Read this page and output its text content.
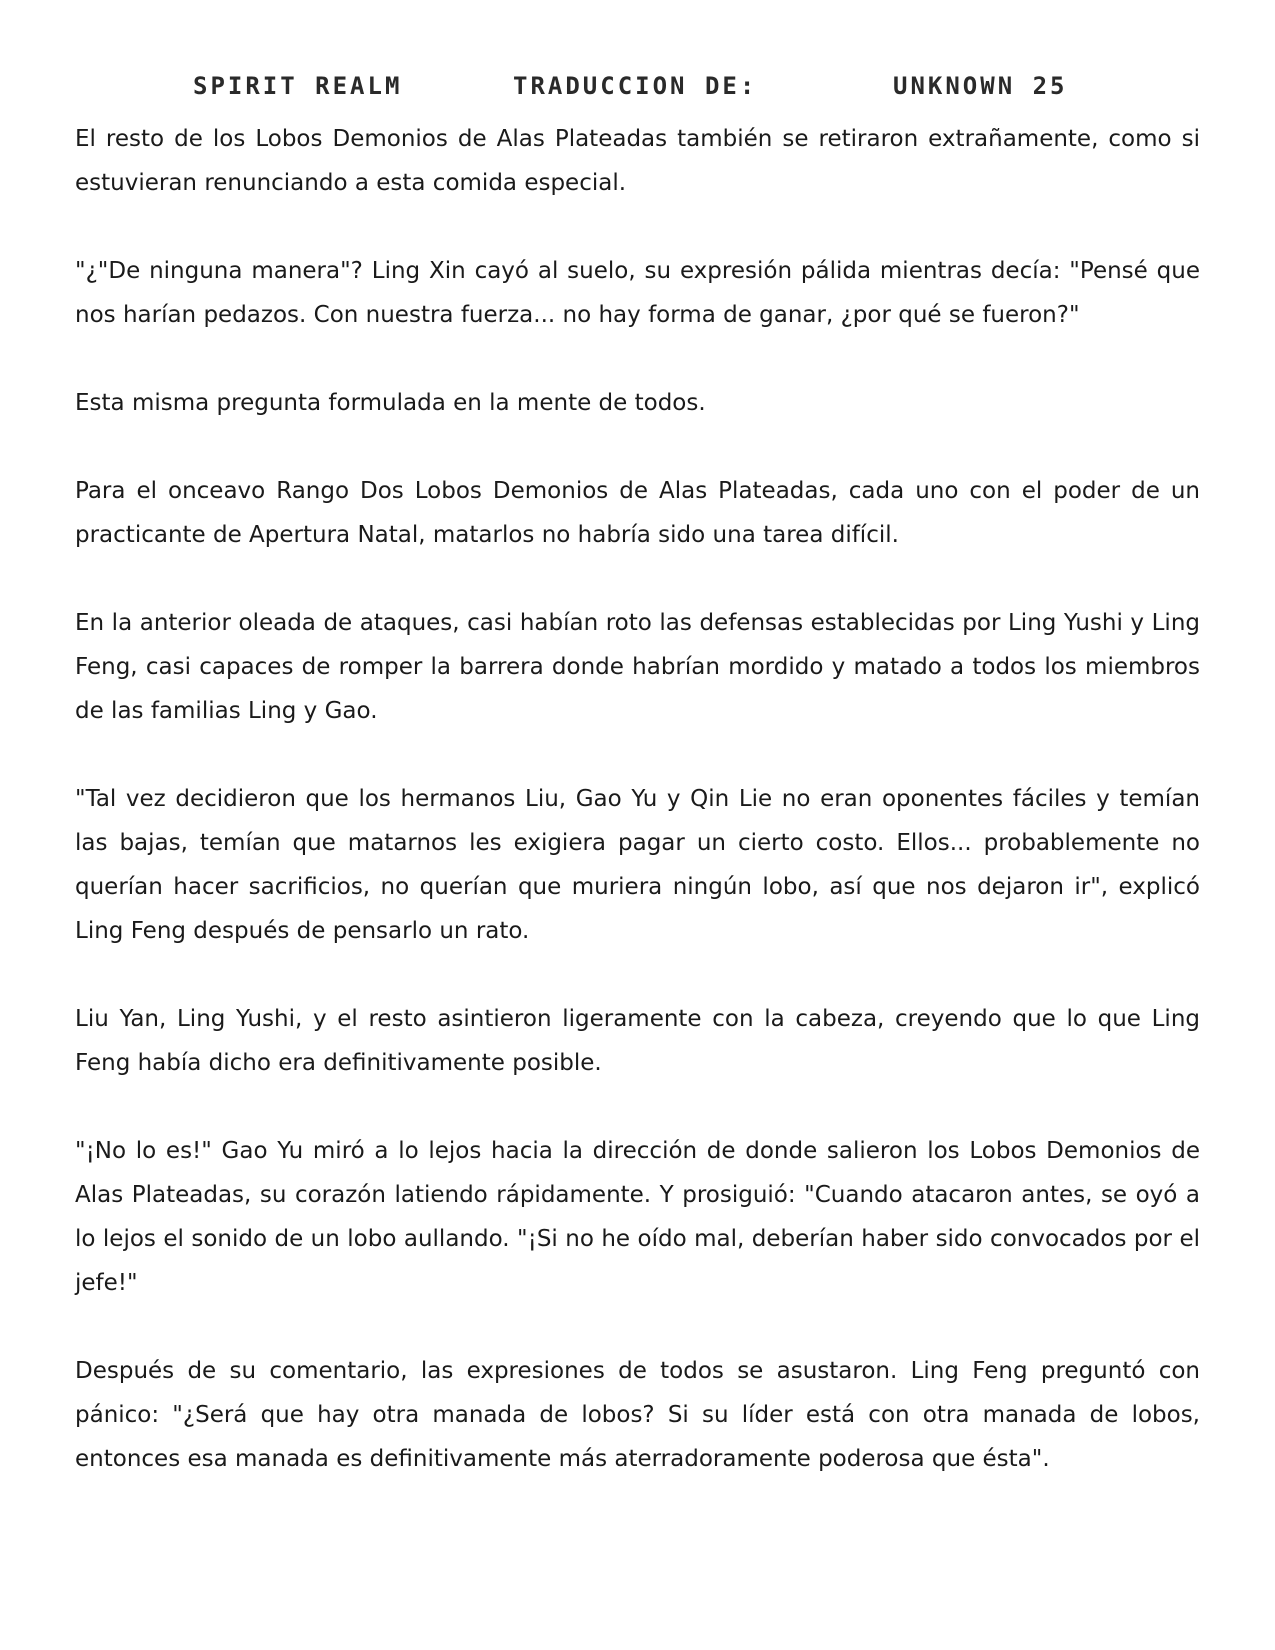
SPIRIT REALM	TRADUCCION DE:	UNKNOWN 25

El resto de los Lobos Demonios de Alas Plateadas también se retiraron extrañamente, como si estuvieran renunciando a esta comida especial.

"¿"De ninguna manera"? Ling Xin cayó al suelo, su expresión pálida mientras decía: "Pensé que nos harían pedazos. Con nuestra fuerza... no hay forma de ganar, ¿por qué se fueron?"

Esta misma pregunta formulada en la mente de todos.

Para el onceavo Rango Dos Lobos Demonios de Alas Plateadas, cada uno con el poder de un practicante de Apertura Natal, matarlos no habría sido una tarea difícil.

En la anterior oleada de ataques, casi habían roto las defensas establecidas por Ling Yushi y Ling Feng, casi capaces de romper la barrera donde habrían mordido y matado a todos los miembros de las familias Ling y Gao.

"Tal vez decidieron que los hermanos Liu, Gao Yu y Qin Lie no eran oponentes fáciles y temían las bajas, temían que matarnos les exigiera pagar un cierto costo. Ellos... probablemente no querían hacer sacrificios, no querían que muriera ningún lobo, así que nos dejaron ir", explicó Ling Feng después de pensarlo un rato.

Liu Yan, Ling Yushi, y el resto asintieron ligeramente con la cabeza, creyendo que lo que Ling Feng había dicho era definitivamente posible.

"¡No lo es!" Gao Yu miró a lo lejos hacia la dirección de donde salieron los Lobos Demonios de Alas Plateadas, su corazón latiendo rápidamente. Y prosiguió: "Cuando atacaron antes, se oyó a lo lejos el sonido de un lobo aullando. "¡Si no he oído mal, deberían haber sido convocados por el jefe!"

Después de su comentario, las expresiones de todos se asustaron. Ling Feng preguntó con pánico: "¿Será que hay otra manada de lobos? Si su líder está con otra manada de lobos, entonces esa manada es definitivamente más aterradoramente poderosa que ésta".
